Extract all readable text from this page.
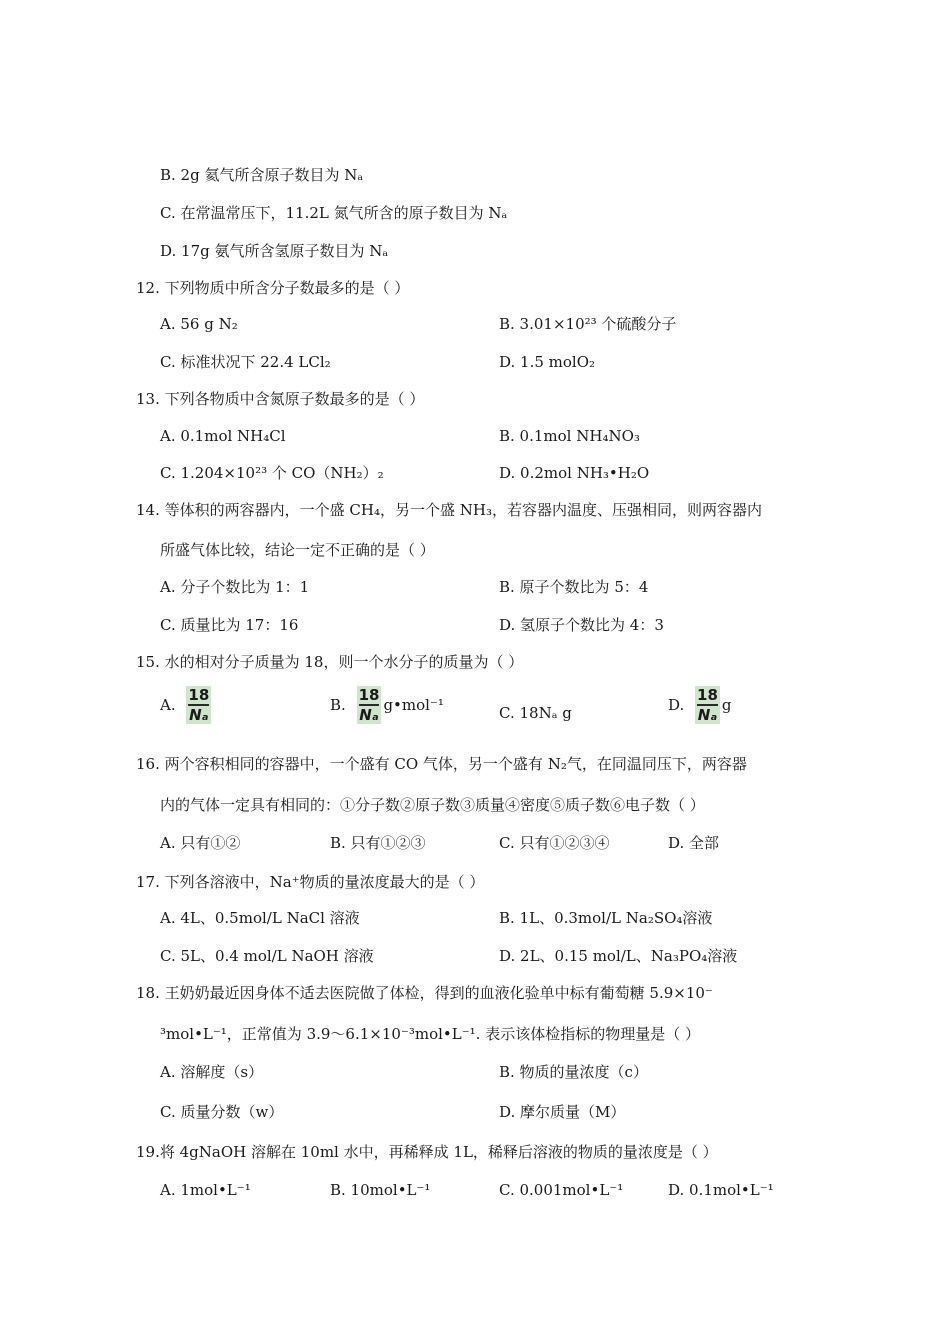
B. 2g 氦气所含原子数目为 Nₐ
C. 在常温常压下，11.2L 氮气所含的原子数目为 Nₐ
D. 17g 氨气所含氢原子数目为 Nₐ
12. 下列物质中所含分子数最多的是（ ）
A. 56 g N₂	B. 3.01×10²³ 个硫酸分子
C. 标准状况下 22.4 LCl₂	D. 1.5 molO₂
13. 下列各物质中含氮原子数最多的是（ ）
A. 0.1mol NH₄Cl	B. 0.1mol NH₄NO₃
C. 1.204×10²³ 个 CO（NH₂）₂	D. 0.2mol NH₃•H₂O
14. 等体积的两容器内，一个盛 CH₄，另一个盛 NH₃，若容器内温度、压强相同，则两容器内
所盛气体比较，结论一定不正确的是（ ）
A. 分子个数比为 1：1	B. 原子个数比为 5：4
C. 质量比为 17：16	D. 氢原子个数比为 4：3
15. 水的相对分子质量为 18，则一个水分子的质量为（ ）
A. $\frac{18}{\text{Nₐ}}$	B. $\frac{18}{\text{Nₐ}}$ g•mol⁻¹	C. 18Nₐ g	D. $\frac{18}{\text{Nₐ}}$ g
16. 两个容积相同的容器中，一个盛有 CO 气体，另一个盛有 N₂气，在同温同压下，两容器
内的气体一定具有相同的：①分子数②原子数③质量④密度⑤质子数⑥电子数（ ）
A. 只有①②	B. 只有①②③	C. 只有①②③④	D. 全部
17. 下列各溶液中，Na⁺物质的量浓度最大的是（ ）
A. 4L、0.5mol/L NaCl 溶液	B. 1L、0.3mol/L Na₂SO₄溶液
C. 5L、0.4 mol/L NaOH 溶液	D. 2L、0.15 mol/L、Na₃PO₄溶液
18. 王奶奶最近因身体不适去医院做了体检，得到的血液化验单中标有葡萄糖 5.9×10⁻
³mol•L⁻¹，正常值为 3.9～6.1×10⁻³mol•L⁻¹. 表示该体检指标的物理量是（ ）
A. 溶解度（s）	B. 物质的量浓度（c）
C. 质量分数（w）	D. 摩尔质量（M）
19.将 4gNaOH 溶解在 10ml 水中，再稀释成 1L，稀释后溶液的物质的量浓度是（ ）
A. 1mol•L⁻¹	B. 10mol•L⁻¹	C. 0.001mol•L⁻¹	D. 0.1mol•L⁻¹
